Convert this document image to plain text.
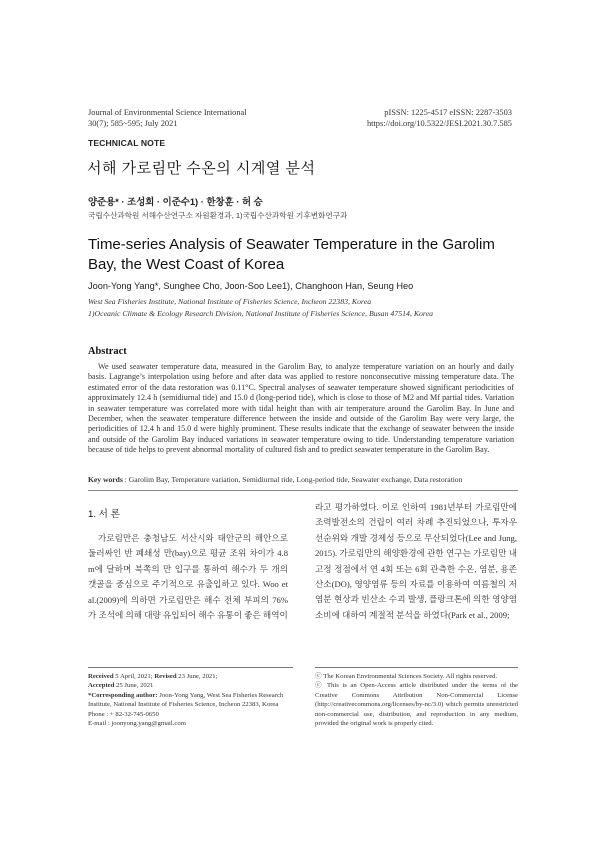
Journal of Environmental Science International
30(7); 585~595; July 2021
pISSN: 1225-4517 eISSN: 2287-3503
https://doi.org/10.5322/JESI.2021.30.7.585
TECHNICAL NOTE
서해 가로림만 수온의 시계열 분석
양준용* · 조성희 · 이준수1) · 한창훈 · 허 승
국립수산과학원 서해수산연구소 자원환경과, 1)국립수산과학원 기후변화연구과
Time-series Analysis of Seawater Temperature in the Garolim Bay, the West Coast of Korea
Joon-Yong Yang*, Sunghee Cho, Joon-Soo Lee1), Changhoon Han, Seung Heo
West Sea Fisheries Institute, National Institute of Fisheries Science, Incheon 22383, Korea
1)Oceanic Climate & Ecology Research Division, National Institute of Fisheries Science, Busan 47514, Korea
Abstract

We used seawater temperature data, measured in the Garolim Bay, to analyze temperature variation on an hourly and daily basis. Lagrange’s interpolation using before and after data was applied to restore nonconsecutive missing temperature data. The estimated error of the data restoration was 0.11°C. Spectral analyses of seawater temperature showed significant periodicities of approximately 12.4 h (semidiurnal tide) and 15.0 d (long-period tide), which is close to those of M2 and Mf partial tides. Variation in seawater temperature was correlated more with tidal height than with air temperature around the Garolim Bay. In June and December, when the seawater temperature difference between the inside and outside of the Garolim Bay were very large, the periodicities of 12.4 h and 15.0 d were highly prominent. These results indicate that the exchange of seawater between the inside and outside of the Garolim Bay induced variations in seawater temperature owing to tide. Understanding temperature variation because of tide helps to prevent abnormal mortality of cultured fish and to predict seawater temperature in the Garolim Bay.

Key words : Garolim Bay, Temperature variation, Semidiurnal tide, Long-period tide, Seawater exchange, Data restoration
1. 서 론

가로림만은 충청남도 서산시와 태안군의 해안으로 둘러싸인 반 폐쇄성 만(bay)으로 평균 조위 차이가 4.8 m에 달하며 북쪽의 만 입구를 통하여 해수가 두 개의 갯골을 중심으로 주기적으로 유출입하고 있다. Woo et al.(2009)에 의하면 가로림만은 해수 전체 부피의 76%가 조석에 의해 대량 유입되어 해수 유통이 좋은 해역이

라고 평가하였다. 이로 인하여 1981년부터 가로림만에 조력발전소의 건립이 여러 차례 추진되었으나, 투자우선순위와 개발 경제성 등으로 무산되었다(Lee and Jung, 2015). 가로림만의 해양환경에 관한 연구는 가로림만 내 고정 정점에서 연 4회 또는 6회 관측한 수온, 염분, 용존산소(DO), 영양염류 등의 자료를 이용하여 여름철의 저염분 현상과 빈산소 수괴 발생, 플랑크톤에 의한 영양염 소비에 대하여 계절적 분석을 하였다(Park et al., 2009;

Received 5 April, 2021; Revised 23 June, 2021;
Accepted 25 June, 2021
*Corresponding author: Joon-Yong Yang, West Sea Fisheries Research Institute, National Institute of Fisheries Science, Incheon 22383, Korea
Phone : + 82-32-745-0650
E-mail : joonyong.yang@gmail.com
ⓒ The Korean Environmental Sciences Society. All rights reserved.
ⓒ This is an Open-Access article distributed under the terms of the Creative Commons Attribution Non-Commercial License (http://creativecommons.org/licenses/by-nc/3.0) which permits unrestricted non-commercial use, distribution, and reproduction in any medium, provided the original work is properly cited.
